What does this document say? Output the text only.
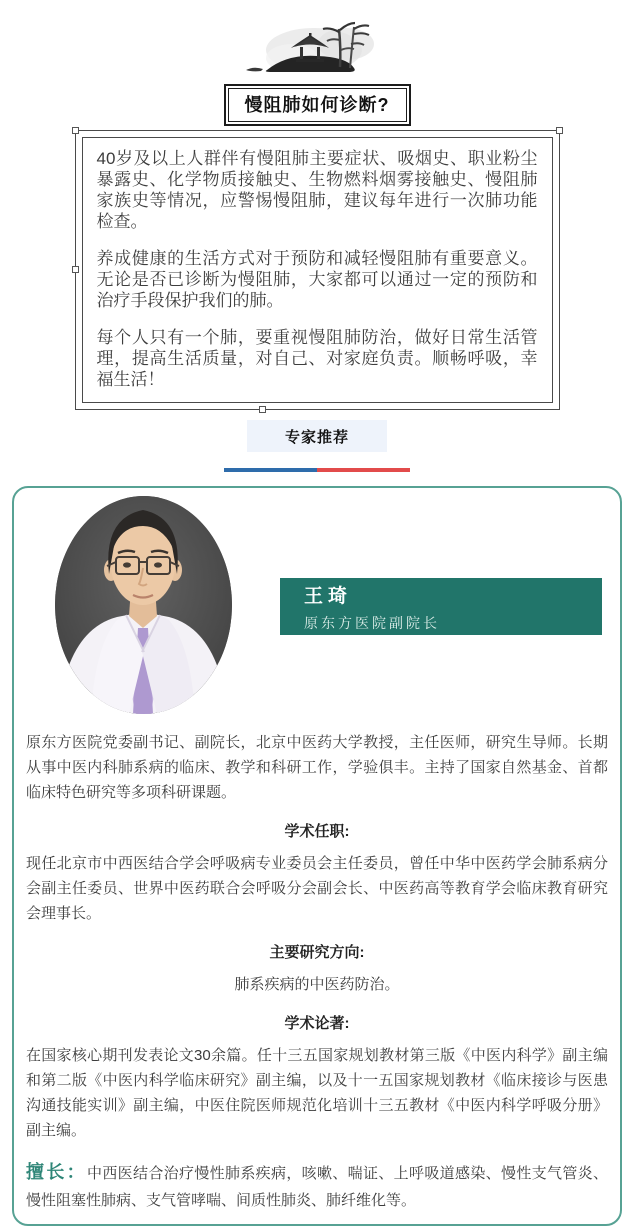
慢阻肺如何诊断?

40岁及以上人群伴有慢阻肺主要症状、吸烟史、职业粉尘暴露史、化学物质接触史、生物燃料烟雾接触史、慢阻肺家族史等情况，应警惕慢阻肺，建议每年进行一次肺功能检查。

养成健康的生活方式对于预防和减轻慢阻肺有重要意义。无论是否已诊断为慢阻肺，大家都可以通过一定的预防和治疗手段保护我们的肺。

每个人只有一个肺，要重视慢阻肺防治，做好日常生活管理，提高生活质量，对自己、对家庭负责。顺畅呼吸，幸福生活！

专家推荐
王琦
原东方医院副院长

原东方医院党委副书记、副院长，北京中医药大学教授，主任医师，研究生导师。长期从事中医内科肺系病的临床、教学和科研工作，学验俱丰。主持了国家自然基金、首都临床特色研究等多项科研课题。

学术任职:

现任北京市中西医结合学会呼吸病专业委员会主任委员，曾任中华中医药学会肺系病分会副主任委员、世界中医药联合会呼吸分会副会长、中医药高等教育学会临床教育研究会理事长。

主要研究方向:

肺系疾病的中医药防治。

学术论著:

在国家核心期刊发表论文30余篇。任十三五国家规划教材第三版《中医内科学》副主编和第二版《中医内科学临床研究》副主编，以及十一五国家规划教材《临床接诊与医患沟通技能实训》副主编，中医住院医师规范化培训十三五教材《中医内科学呼吸分册》副主编。

擅长：中西医结合治疗慢性肺系疾病，咳嗽、喘证、上呼吸道感染、慢性支气管炎、慢性阻塞性肺病、支气管哮喘、间质性肺炎、肺纤维化等。
